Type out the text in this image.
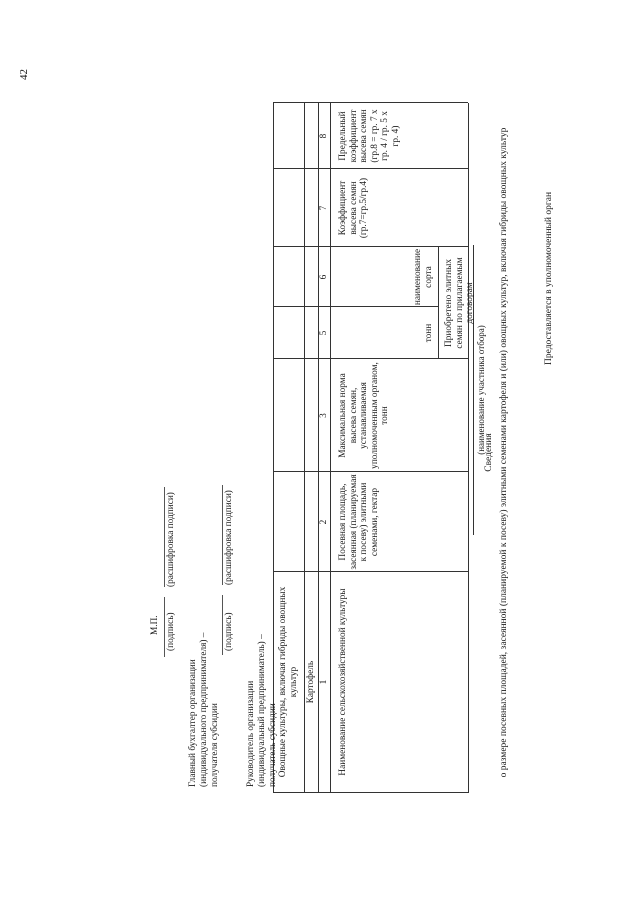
42
Предоставляется в уполномоченный орган
Сведения о размере посевных площадей, засеянной (планируемой к посеву) элитными семенами картофеля и (или) овощных культур, включая гибриды овощных культур
(наименование участника отбора)
Наименование сельскохозяйственной культуры
Посевная площадь, засеянная (планируемая к посеву) элитными семенами, гектар
Максимальная норма высева семян, устанавливаемая уполномоченным органом, тонн
Приобретено элитных семян по прилагаемым договорам
тонн
наименование сорта
Коэффициент высева семян (гр.7=гр.5/гр.4)
Предельный коэффициент высева семян (гр.8 = гр. 7 x гр. 4 / гр. 5 x гр. 4)
1
2
3
5
6
7
8
Картофель
Овощные культуры, включая гибриды овощных культур
Руководитель организации (индивидуальный предприниматель) – получатель субсидии
(подпись)
(расшифровка подписи)
Главный бухгалтер организации (индивидуального предпринимателя) – получателя субсидии
(подпись)
(расшифровка подписи)
М.П.
